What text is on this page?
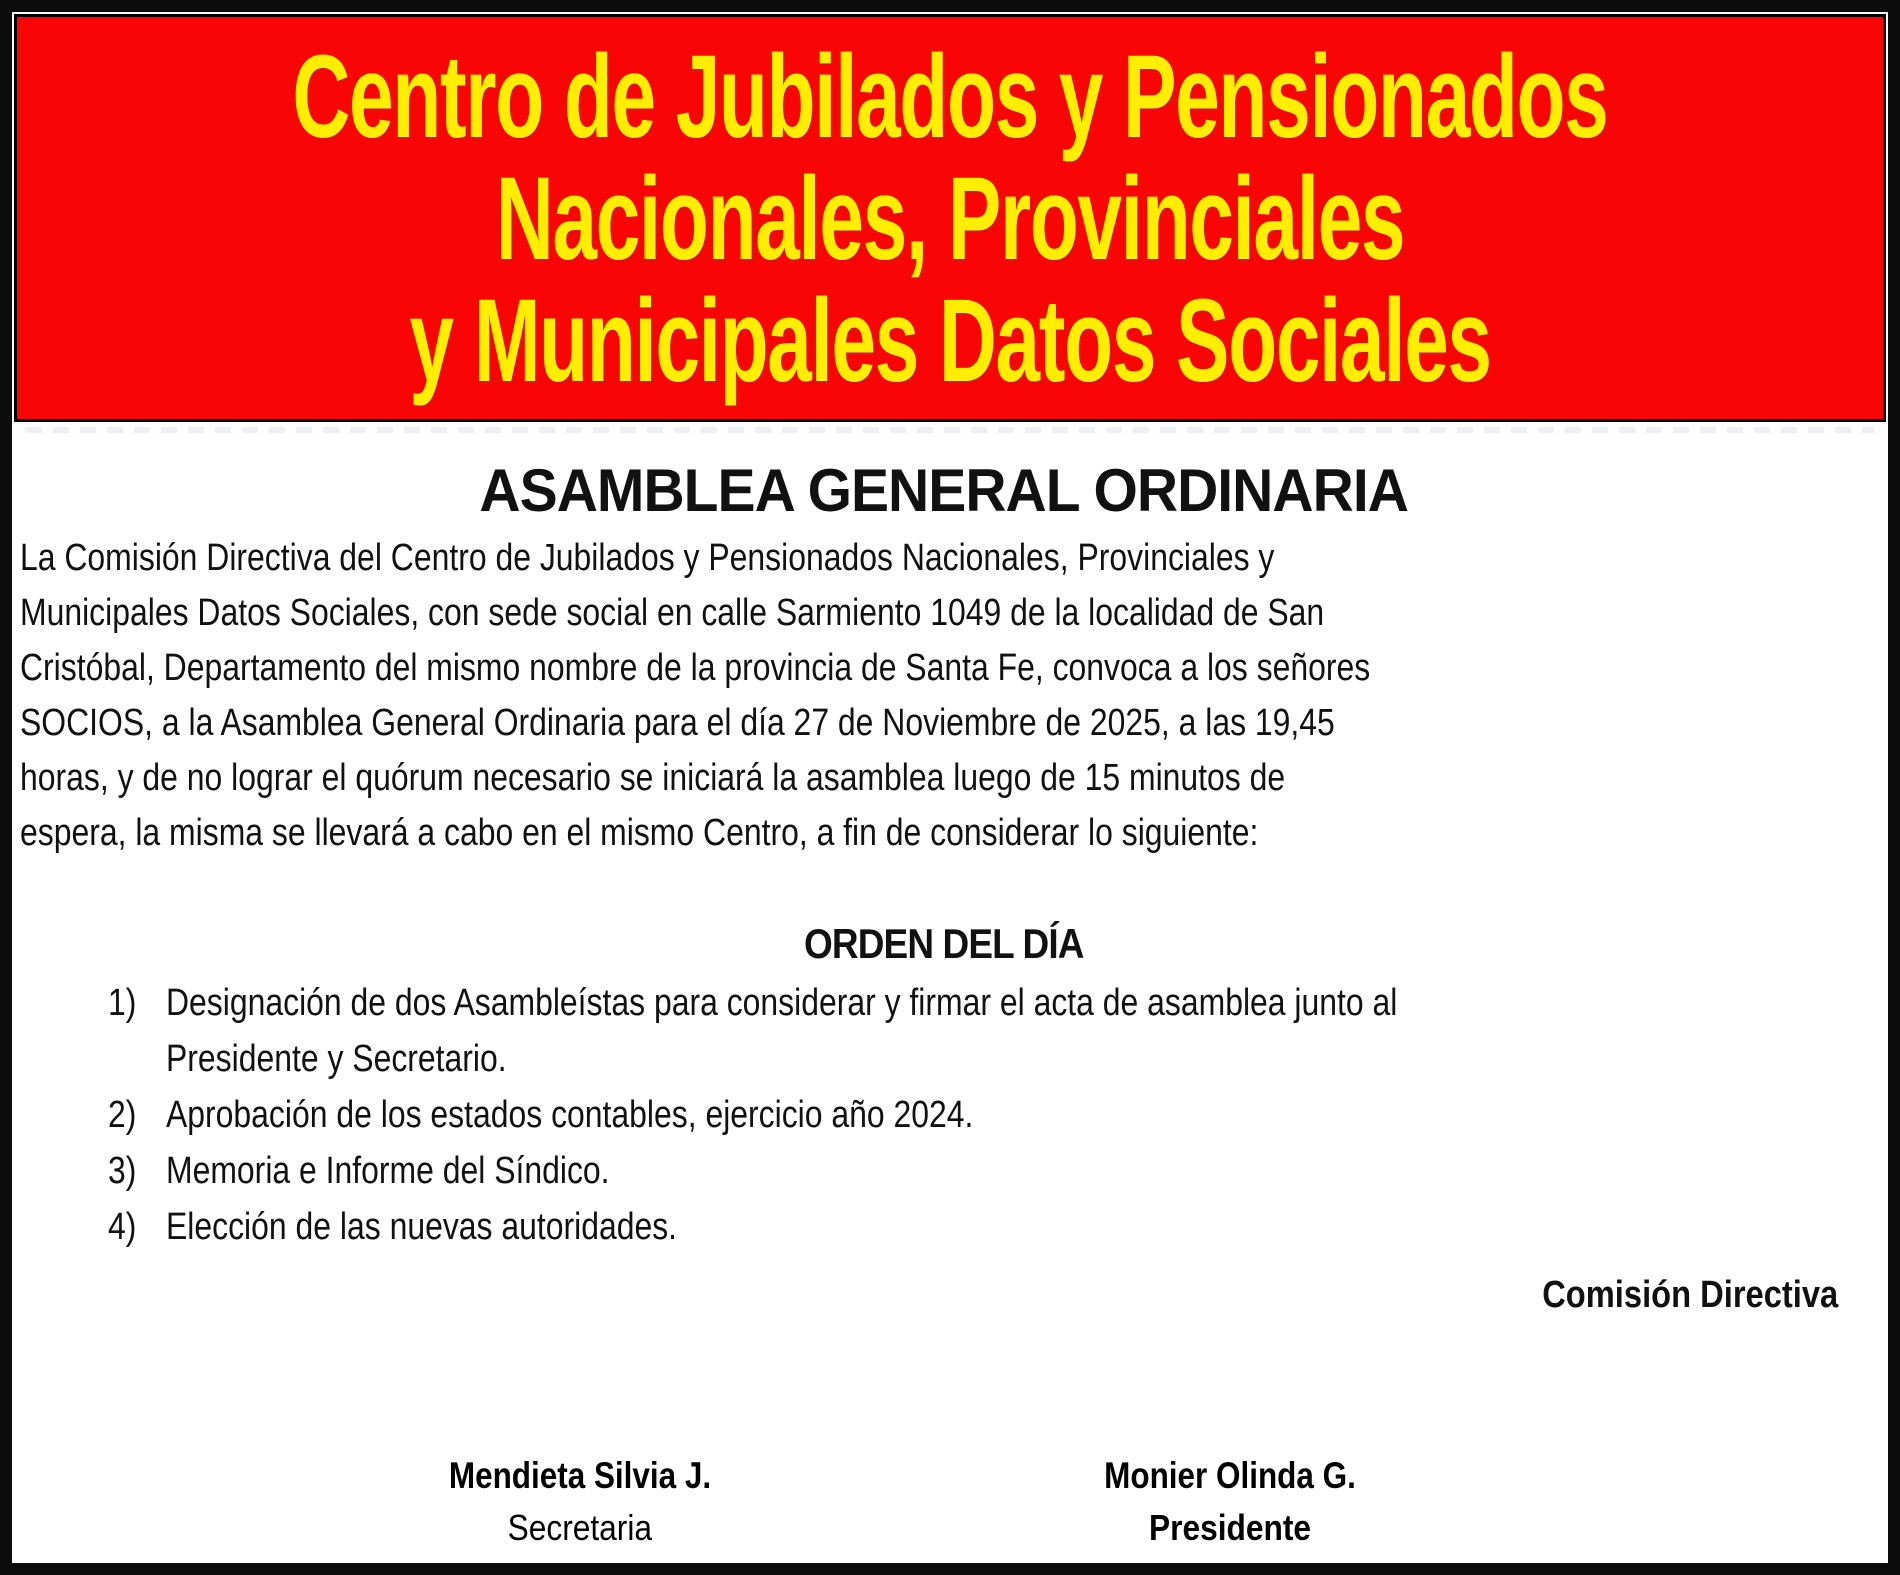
Centro de Jubilados y Pensionados
Nacionales, Provinciales
y Municipales Datos Sociales
ASAMBLEA GENERAL ORDINARIA
La Comisión Directiva del Centro de Jubilados y Pensionados Nacionales, Provinciales y
Municipales Datos Sociales, con sede social en calle Sarmiento 1049 de la localidad de San
Cristóbal, Departamento del mismo nombre de la provincia de Santa Fe, convoca a los señores
SOCIOS, a la Asamblea General Ordinaria para el día 27 de Noviembre de 2025, a las 19,45
horas, y de no lograr el quórum necesario se iniciará la asamblea luego de 15 minutos de
espera, la misma se llevará a cabo en el mismo Centro, a fin de considerar lo siguiente:
ORDEN DEL DÍA
1) Designación de dos Asambleístas para considerar y firmar el acta de asamblea junto al
Presidente y Secretario.
2) Aprobación de los estados contables, ejercicio año 2024.
3) Memoria e Informe del Síndico.
4) Elección de las nuevas autoridades.
Comisión Directiva
Mendieta Silvia J.
Secretaria
Monier Olinda G.
Presidente
